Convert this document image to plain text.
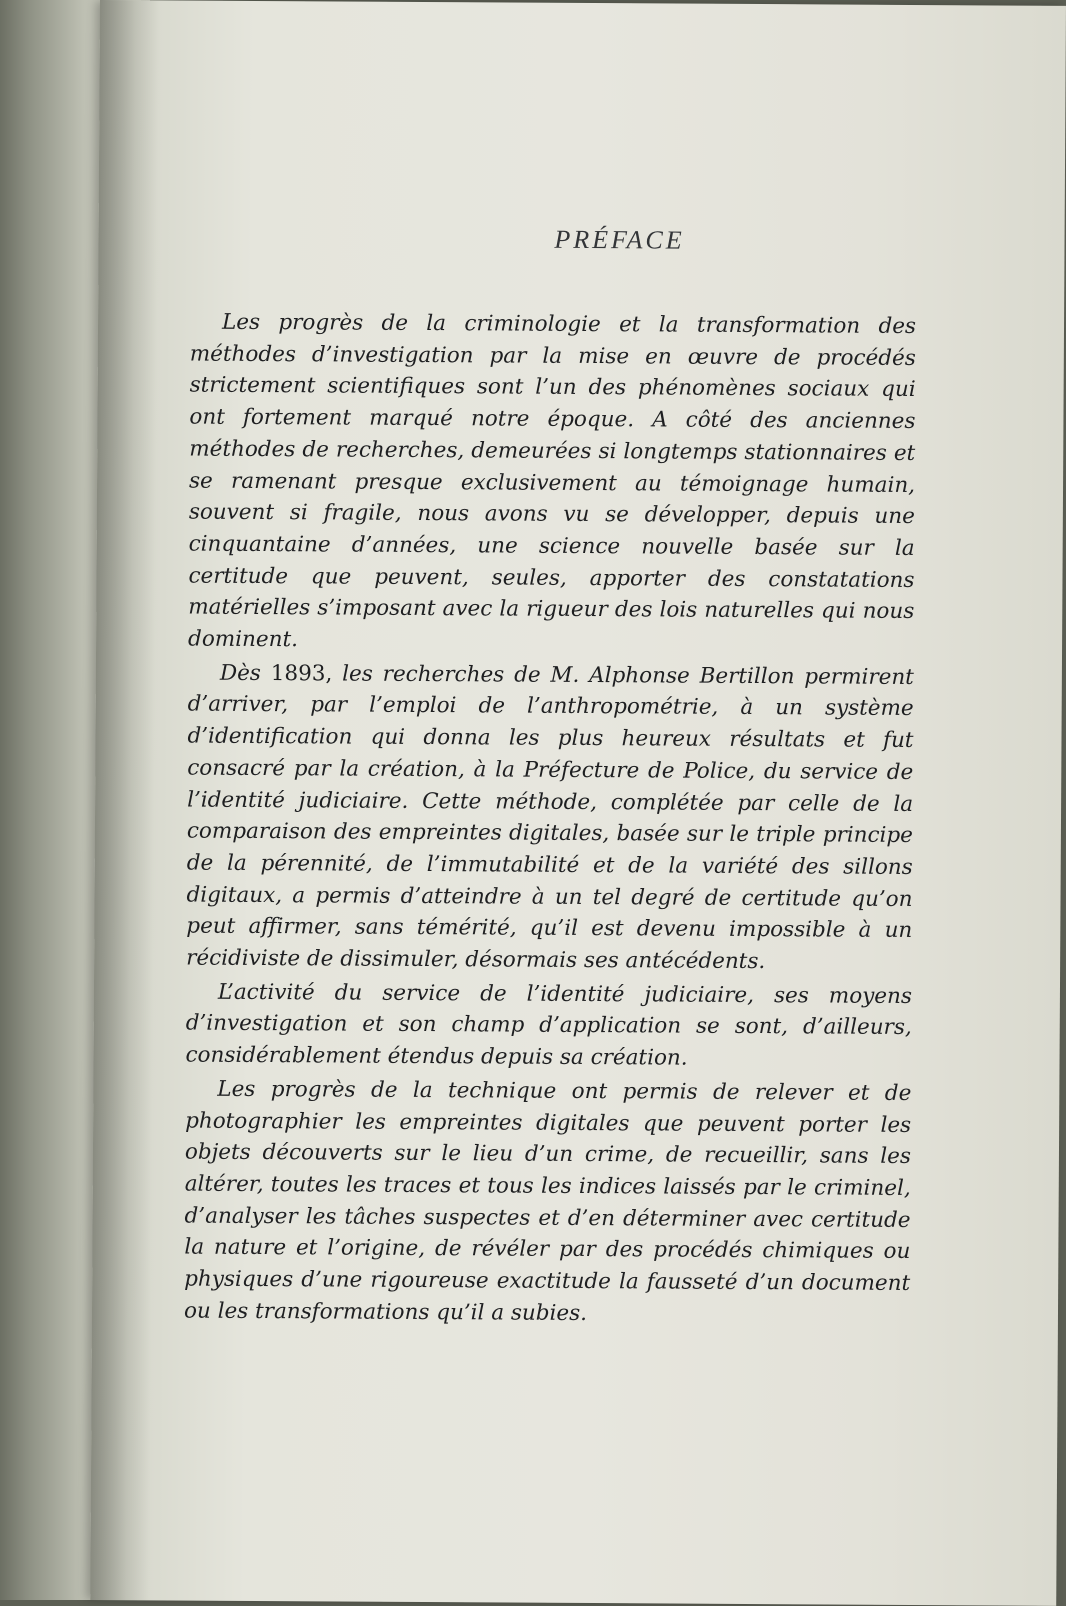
PRÉFACE

Les progrès de la criminologie et la transformation des méthodes d’investigation par la mise en œuvre de procédés strictement scientifiques sont l’un des phénomènes sociaux qui ont fortement marqué notre époque. A côté des anciennes méthodes de recherches, demeurées si longtemps stationnaires et se ramenant presque exclusivement au témoignage humain, souvent si fragile, nous avons vu se développer, depuis une cinquantaine d’années, une science nouvelle basée sur la certitude que peuvent, seules, apporter des constatations matérielles s’imposant avec la rigueur des lois naturelles qui nous dominent.

Dès 1893, les recherches de M. Alphonse Bertillon permirent d’arriver, par l’emploi de l’anthropométrie, à un système d’identification qui donna les plus heureux résultats et fut consacré par la création, à la Préfecture de Police, du service de l’identité judiciaire. Cette méthode, complétée par celle de la comparaison des empreintes digitales, basée sur le triple principe de la pérennité, de l’immutabilité et de la variété des sillons digitaux, a permis d’atteindre à un tel degré de certitude qu’on peut affirmer, sans témérité, qu’il est devenu impossible à un récidiviste de dissimuler, désormais ses antécédents.

L’activité du service de l’identité judiciaire, ses moyens d’investigation et son champ d’application se sont, d’ailleurs, considérablement étendus depuis sa création.

Les progrès de la technique ont permis de relever et de photographier les empreintes digitales que peuvent porter les objets découverts sur le lieu d’un crime, de recueillir, sans les altérer, toutes les traces et tous les indices laissés par le criminel, d’analyser les tâches suspectes et d’en déterminer avec certitude la nature et l’origine, de révéler par des procédés chimiques ou physiques d’une rigoureuse exactitude la fausseté d’un document ou les transformations qu’il a subies.
